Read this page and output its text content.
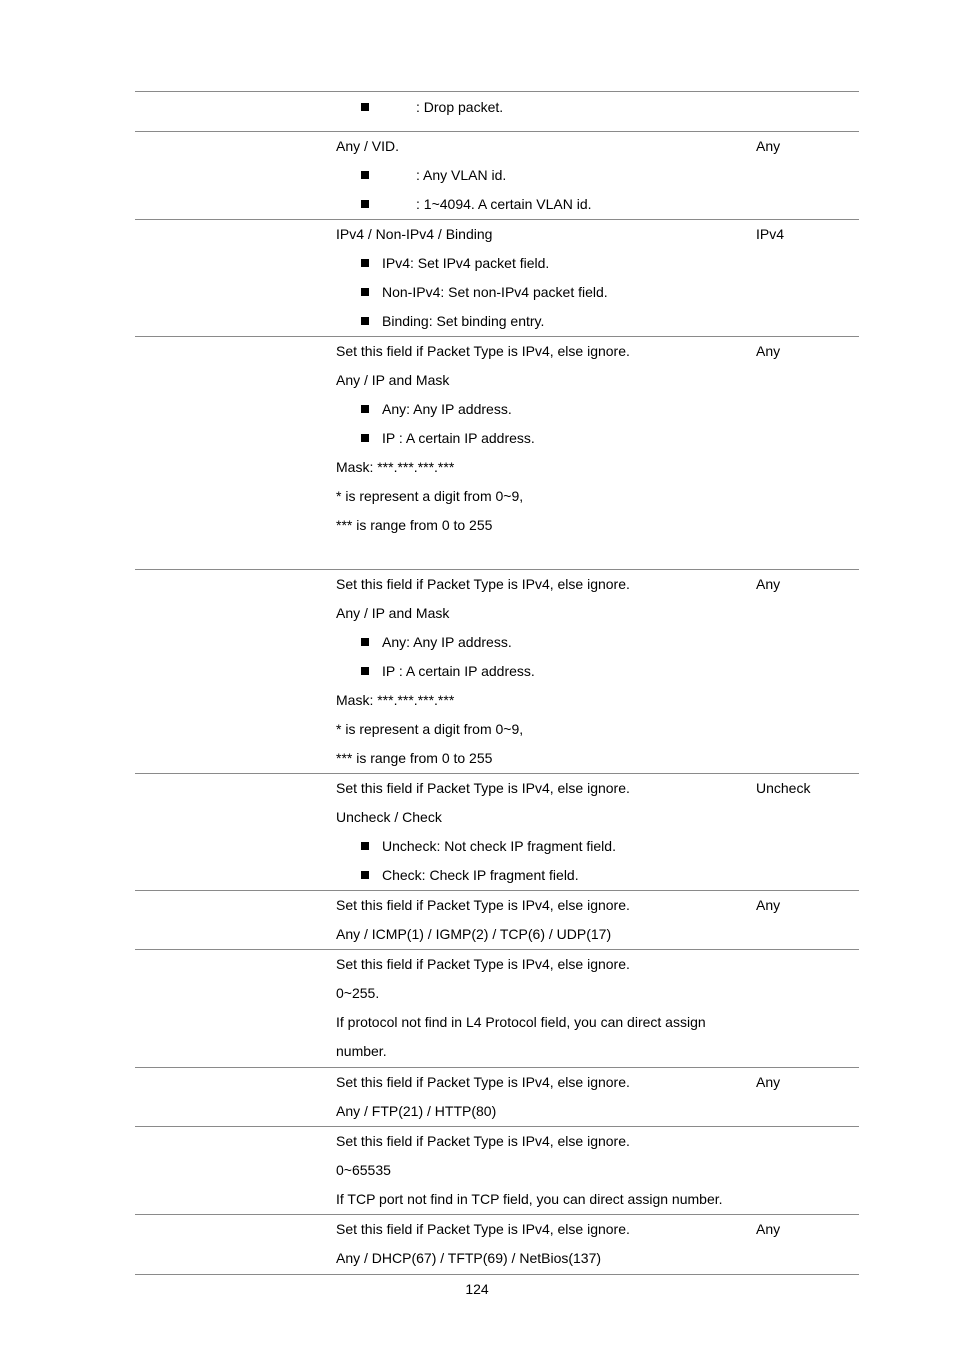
: Drop packet.
Any / VID.
: Any VLAN id.
: 1~4094. A certain VLAN id.
Any
IPv4 / Non-IPv4 / Binding
IPv4: Set IPv4 packet field.
Non-IPv4: Set non-IPv4 packet field.
Binding: Set binding entry.
IPv4
Set this field if Packet Type is IPv4, else ignore.
Any / IP and Mask
Any: Any IP address.
IP : A certain IP address.
Mask: ***.***.***.***
* is represent a digit from 0~9,
*** is range from 0 to 255
Any
Set this field if Packet Type is IPv4, else ignore.
Any / IP and Mask
Any: Any IP address.
IP : A certain IP address.
Mask: ***.***.***.***
* is represent a digit from 0~9,
*** is range from 0 to 255
Any
Set this field if Packet Type is IPv4, else ignore.
Uncheck / Check
Uncheck: Not check IP fragment field.
Check: Check IP fragment field.
Uncheck
Set this field if Packet Type is IPv4, else ignore.
Any / ICMP(1) / IGMP(2) / TCP(6) / UDP(17)
Any
Set this field if Packet Type is IPv4, else ignore.
0~255.
If protocol not find in L4 Protocol field, you can direct assign
number.
Set this field if Packet Type is IPv4, else ignore.
Any / FTP(21) / HTTP(80)
Any
Set this field if Packet Type is IPv4, else ignore.
0~65535
If TCP port not find in TCP field, you can direct assign number.
Set this field if Packet Type is IPv4, else ignore.
Any / DHCP(67) / TFTP(69) / NetBios(137)
Any
124
